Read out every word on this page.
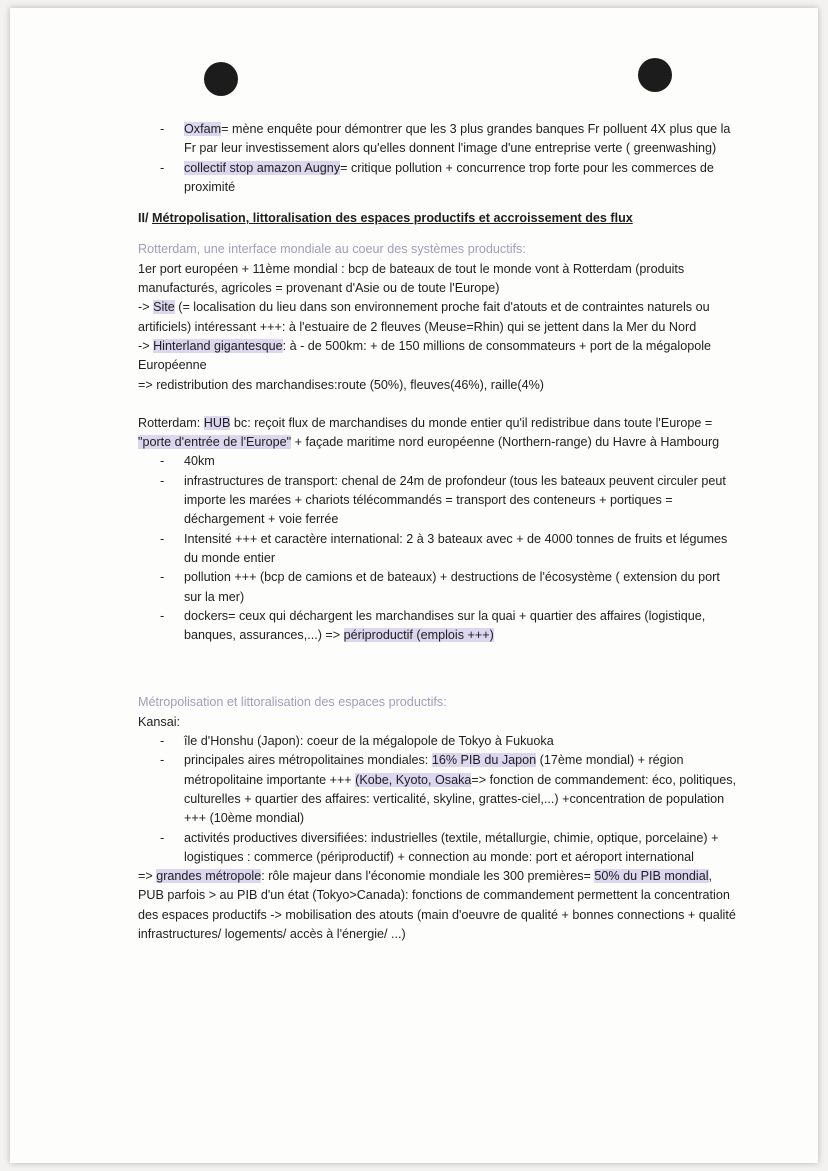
- Oxfam= mène enquête pour démontrer que les 3 plus grandes banques Fr polluent 4X plus que la Fr par leur investissement alors qu'elles donnent l'image d'une entreprise verte ( greenwashing)
- collectif stop amazon Augny= critique pollution + concurrence trop forte pour les commerces de proximité

II/ Métropolisation, littoralisation des espaces productifs et accroissement des flux

Rotterdam, une interface mondiale au coeur des systèmes productifs:

1er port européen + 11ème mondial : bcp de bateaux de tout le monde vont à Rotterdam (produits manufacturés, agricoles = provenant d'Asie ou de toute l'Europe)

-> Site (= localisation du lieu dans son environnement proche fait d'atouts et de contraintes naturels ou artificiels) intéressant +++: à l'estuaire de 2 fleuves (Meuse=Rhin) qui se jettent dans la Mer du Nord

-> Hinterland gigantesque: à - de 500km: + de 150 millions de consommateurs + port de la mégalopole Européenne

=> redistribution des marchandises:route (50%), fleuves(46%), raille(4%)

Rotterdam: HUB bc: reçoit flux de marchandises du monde entier qu'il redistribue dans toute l'Europe = "porte d'entrée de l'Europe" + façade maritime nord européenne (Northern-range) du Havre à Hambourg

- 40km
- infrastructures de transport: chenal de 24m de profondeur (tous les bateaux peuvent circuler peut importe les marées + chariots télécommandés = transport des conteneurs + portiques = déchargement + voie ferrée
- Intensité +++ et caractère international: 2 à 3 bateaux avec + de 4000 tonnes de fruits et légumes du monde entier
- pollution +++ (bcp de camions et de bateaux) + destructions de l'écosystème ( extension du port sur la mer)
- dockers= ceux qui déchargent les marchandises sur la quai + quartier des affaires (logistique, banques, assurances,...) => périproductif (emplois +++)

Métropolisation et littoralisation des espaces productifs:

Kansai:

- île d'Honshu (Japon): coeur de la mégalopole de Tokyo à Fukuoka
- principales aires métropolitaines mondiales: 16% PIB du Japon (17ème mondial) + région métropolitaine importante +++ (Kobe, Kyoto, Osaka=> fonction de commandement: éco, politiques, culturelles + quartier des affaires: verticalité, skyline, grattes-ciel,...) +concentration de population +++ (10ème mondial)
- activités productives diversifiées: industrielles (textile, métallurgie, chimie, optique, porcelaine) + logistiques : commerce (périproductif) + connection au monde: port et aéroport international

=> grandes métropole: rôle majeur dans l'économie mondiale les 300 premières= 50% du PIB mondial, PUB parfois > au PIB d'un état (Tokyo>Canada): fonctions de commandement permettent la concentration des espaces productifs -> mobilisation des atouts (main d'oeuvre de qualité + bonnes connections + qualité infrastructures/ logements/ accès à l'énergie/ ...)
